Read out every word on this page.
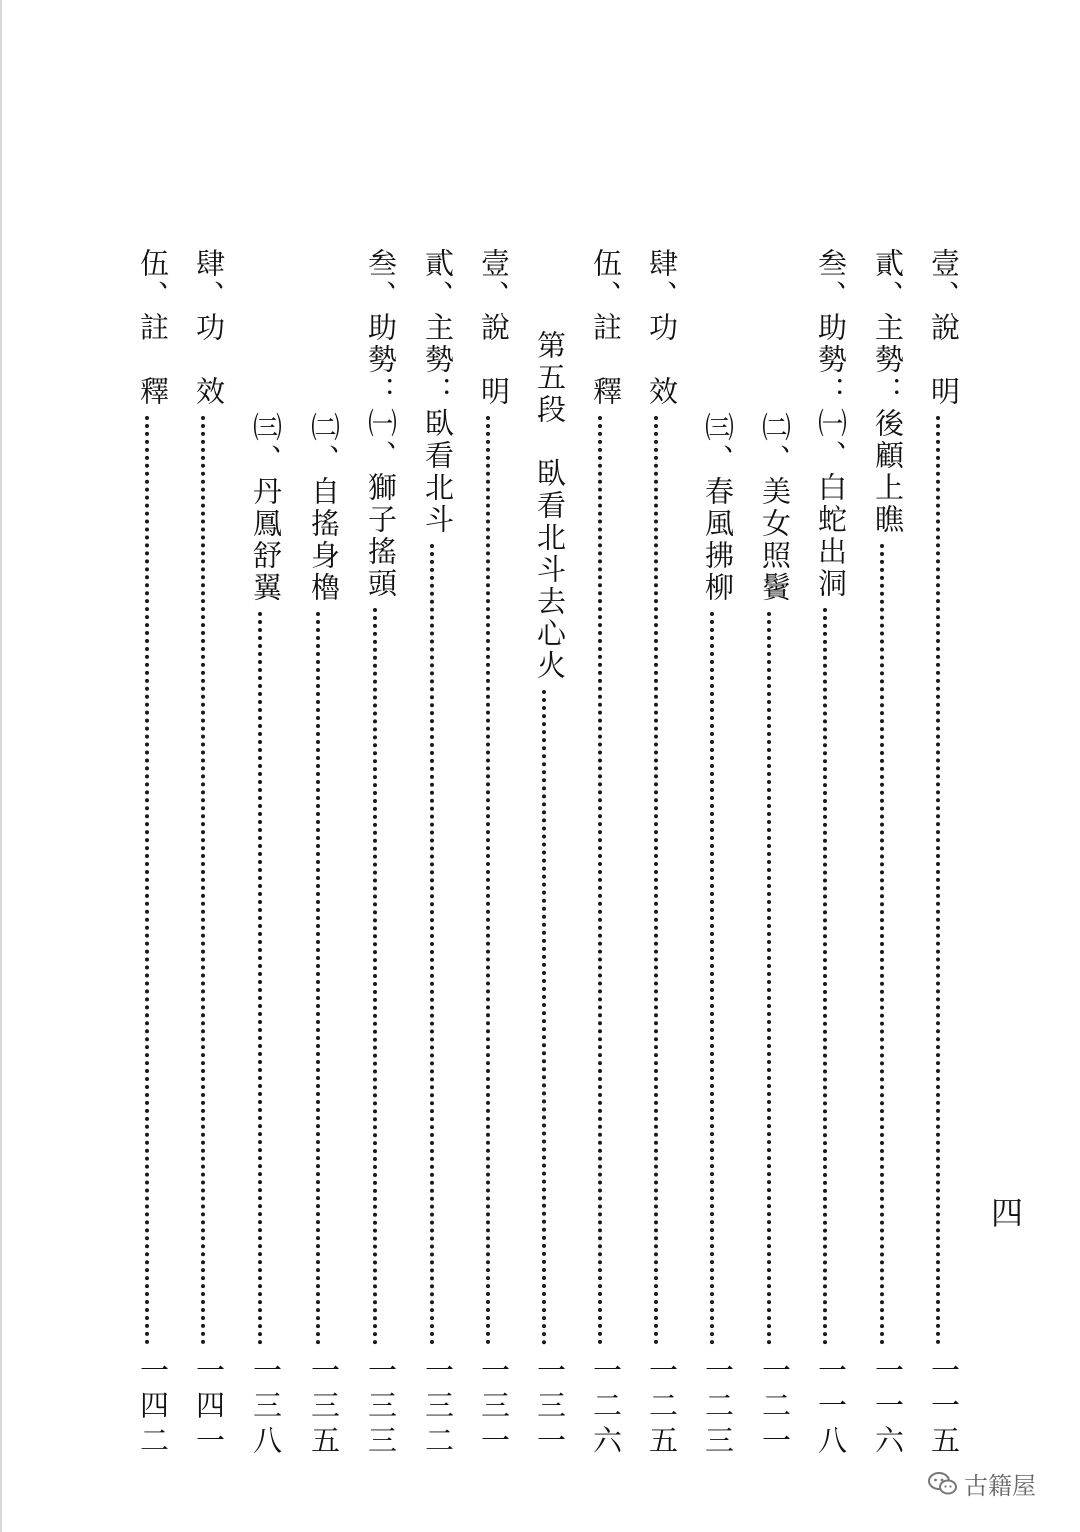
壹、說　明
一一五
貳、主勢：後顧上瞧
一一六
叁、助勢：㈠、白蛇出洞
一一八
㈡、美女照鬢
一二一
㈢、春風拂柳
一二三
肆、功　效
一二五
伍、註　釋
一二六
第五段　臥看北斗去心火
一三一
壹、說　明
一三一
貳、主勢：臥看北斗
一三二
叁、助勢：㈠、獅子搖頭
一三三
㈡、自搖身櫓
一三五
㈢、丹鳳舒翼
一三八
肆、功　效
一四一
伍、註　釋
一四二
四
古籍屋
